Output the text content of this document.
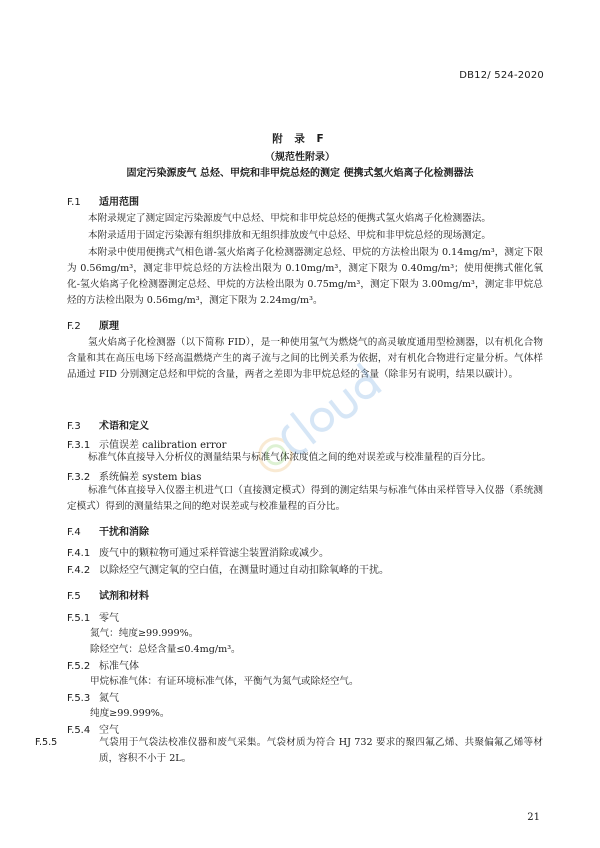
DB12/ 524-2020
附 录 F
（规范性附录）
固定污染源废气 总烃、甲烷和非甲烷总烃的测定 便携式氢火焰离子化检测器法
F.1 适用范围
本附录规定了测定固定污染源废气中总烃、甲烷和非甲烷总烃的便携式氢火焰离子化检测器法。
本附录适用于固定污染源有组织排放和无组织排放废气中总烃、甲烷和非甲烷总烃的现场测定。
本附录中使用便携式气相色谱-氢火焰离子化检测器测定总烃、甲烷的方法检出限为 0.14mg/m³，测定下限为 0.56mg/m³，测定非甲烷总烃的方法检出限为 0.10mg/m³，测定下限为 0.40mg/m³；使用便携式催化氧化-氢火焰离子化检测器测定总烃、甲烷的方法检出限为 0.75mg/m³，测定下限为 3.00mg/m³，测定非甲烷总烃的方法检出限为 0.56mg/m³，测定下限为 2.24mg/m³。
F.2 原理
氢火焰离子化检测器（以下简称 FID），是一种使用氢气为燃烧气的高灵敏度通用型检测器，以有机化合物含量和其在高压电场下经高温燃烧产生的离子流与之间的比例关系为依据，对有机化合物进行定量分析。气体样品通过 FID 分别测定总烃和甲烷的含量，两者之差即为非甲烷总烃的含量（除非另有说明，结果以碳计）。
F.3 术语和定义
F.3.1 示值误差 calibration error
标准气体直接导入分析仪的测量结果与标准气体浓度值之间的绝对误差或与校准量程的百分比。
F.3.2 系统偏差 system bias
标准气体直接导入仪器主机进气口（直接测定模式）得到的测定结果与标准气体由采样管导入仪器（系统测定模式）得到的测量结果之间的绝对误差或与校准量程的百分比。
F.4 干扰和消除
F.4.1 废气中的颗粒物可通过采样管滤尘装置消除或减少。
F.4.2 以除烃空气测定氧的空白值，在测量时通过自动扣除氧峰的干扰。
F.5 试剂和材料
F.5.1 零气
氮气：纯度≥99.999%。
除烃空气：总烃含量≤0.4mg/m³。
F.5.2 标准气体
甲烷标准气体：有证环境标准气体，平衡气为氮气或除烃空气。
F.5.3 氮气
纯度≥99.999%。
F.5.4 空气
F.5.5	气袋用于气袋法校准仪器和废气采集。气袋材质为符合 HJ 732 要求的聚四氟乙烯、共聚偏氟乙烯等材质，容积不小于 2L。
21
